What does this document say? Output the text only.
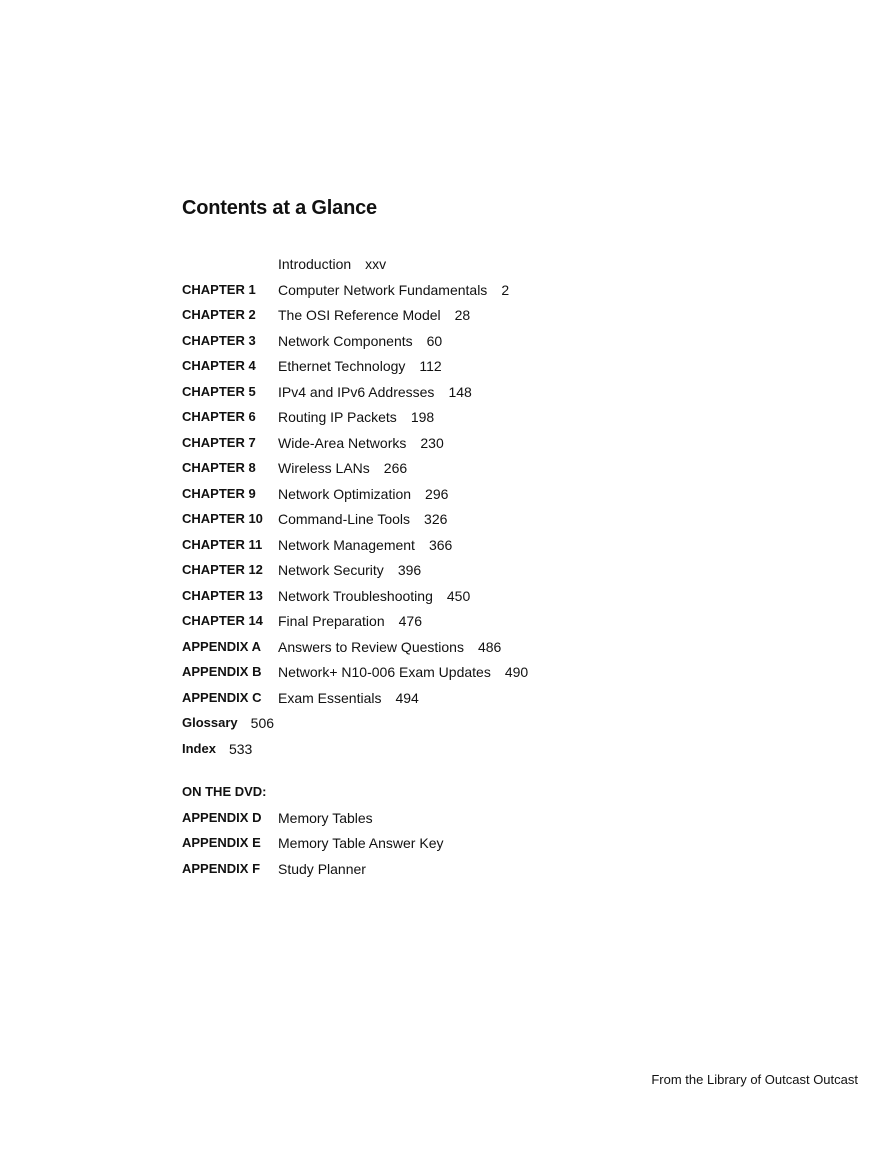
Contents at a Glance
Introduction xxv
CHAPTER 1	Computer Network Fundamentals 2
CHAPTER 2	The OSI Reference Model 28
CHAPTER 3	Network Components 60
CHAPTER 4	Ethernet Technology 112
CHAPTER 5	IPv4 and IPv6 Addresses 148
CHAPTER 6	Routing IP Packets 198
CHAPTER 7	Wide-Area Networks 230
CHAPTER 8	Wireless LANs 266
CHAPTER 9	Network Optimization 296
CHAPTER 10	Command-Line Tools 326
CHAPTER 11	Network Management 366
CHAPTER 12	Network Security 396
CHAPTER 13	Network Troubleshooting 450
CHAPTER 14	Final Preparation 476
APPENDIX A	Answers to Review Questions 486
APPENDIX B	Network+ N10-006 Exam Updates 490
APPENDIX C	Exam Essentials 494
Glossary 506
Index 533
ON THE DVD:
APPENDIX D	Memory Tables
APPENDIX E	Memory Table Answer Key
APPENDIX F	Study Planner
From the Library of Outcast Outcast
